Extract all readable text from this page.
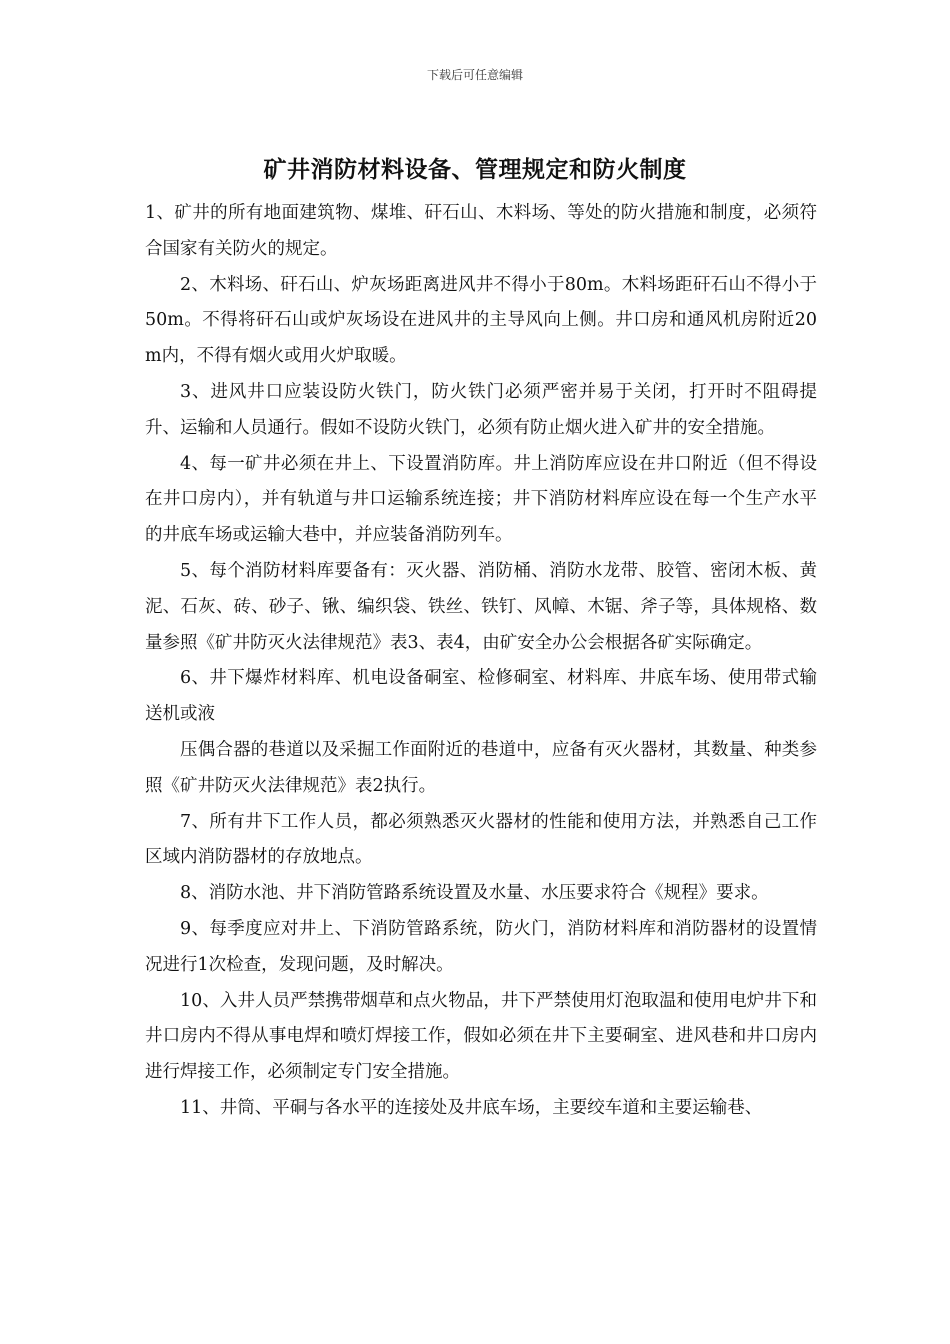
下载后可任意编辑
矿井消防材料设备、管理规定和防火制度

1、矿井的所有地面建筑物、煤堆、矸石山、木料场、等处的防火措施和制度，必须符合国家有关防火的规定。

2、木料场、矸石山、炉灰场距离进风井不得小于80m。木料场距矸石山不得小于50m。不得将矸石山或炉灰场设在进风井的主导风向上侧。井口房和通风机房附近20m内，不得有烟火或用火炉取暖。

3、进风井口应装设防火铁门，防火铁门必须严密并易于关闭，打开时不阻碍提升、运输和人员通行。假如不设防火铁门，必须有防止烟火进入矿井的安全措施。

4、每一矿井必须在井上、下设置消防库。井上消防库应设在井口附近（但不得设在井口房内），并有轨道与井口运输系统连接；井下消防材料库应设在每一个生产水平的井底车场或运输大巷中，并应装备消防列车。

5、每个消防材料库要备有：灭火器、消防桶、消防水龙带、胶管、密闭木板、黄泥、石灰、砖、砂子、锹、编织袋、铁丝、铁钉、风幛、木锯、斧子等，具体规格、数量参照《矿井防灭火法律规范》表3、表4，由矿安全办公会根据各矿实际确定。

6、井下爆炸材料库、机电设备硐室、检修硐室、材料库、井底车场、使用带式输送机或液

压偶合器的巷道以及采掘工作面附近的巷道中，应备有灭火器材，其数量、种类参照《矿井防灭火法律规范》表2执行。

7、所有井下工作人员，都必须熟悉灭火器材的性能和使用方法，并熟悉自己工作区域内消防器材的存放地点。

8、消防水池、井下消防管路系统设置及水量、水压要求符合《规程》要求。

9、每季度应对井上、下消防管路系统，防火门，消防材料库和消防器材的设置情况进行1次检查，发现问题，及时解决。

10、入井人员严禁携带烟草和点火物品，井下严禁使用灯泡取温和使用电炉井下和井口房内不得从事电焊和喷灯焊接工作，假如必须在井下主要硐室、进风巷和井口房内进行焊接工作，必须制定专门安全措施。

11、井筒、平硐与各水平的连接处及井底车场，主要绞车道和主要运输巷、
